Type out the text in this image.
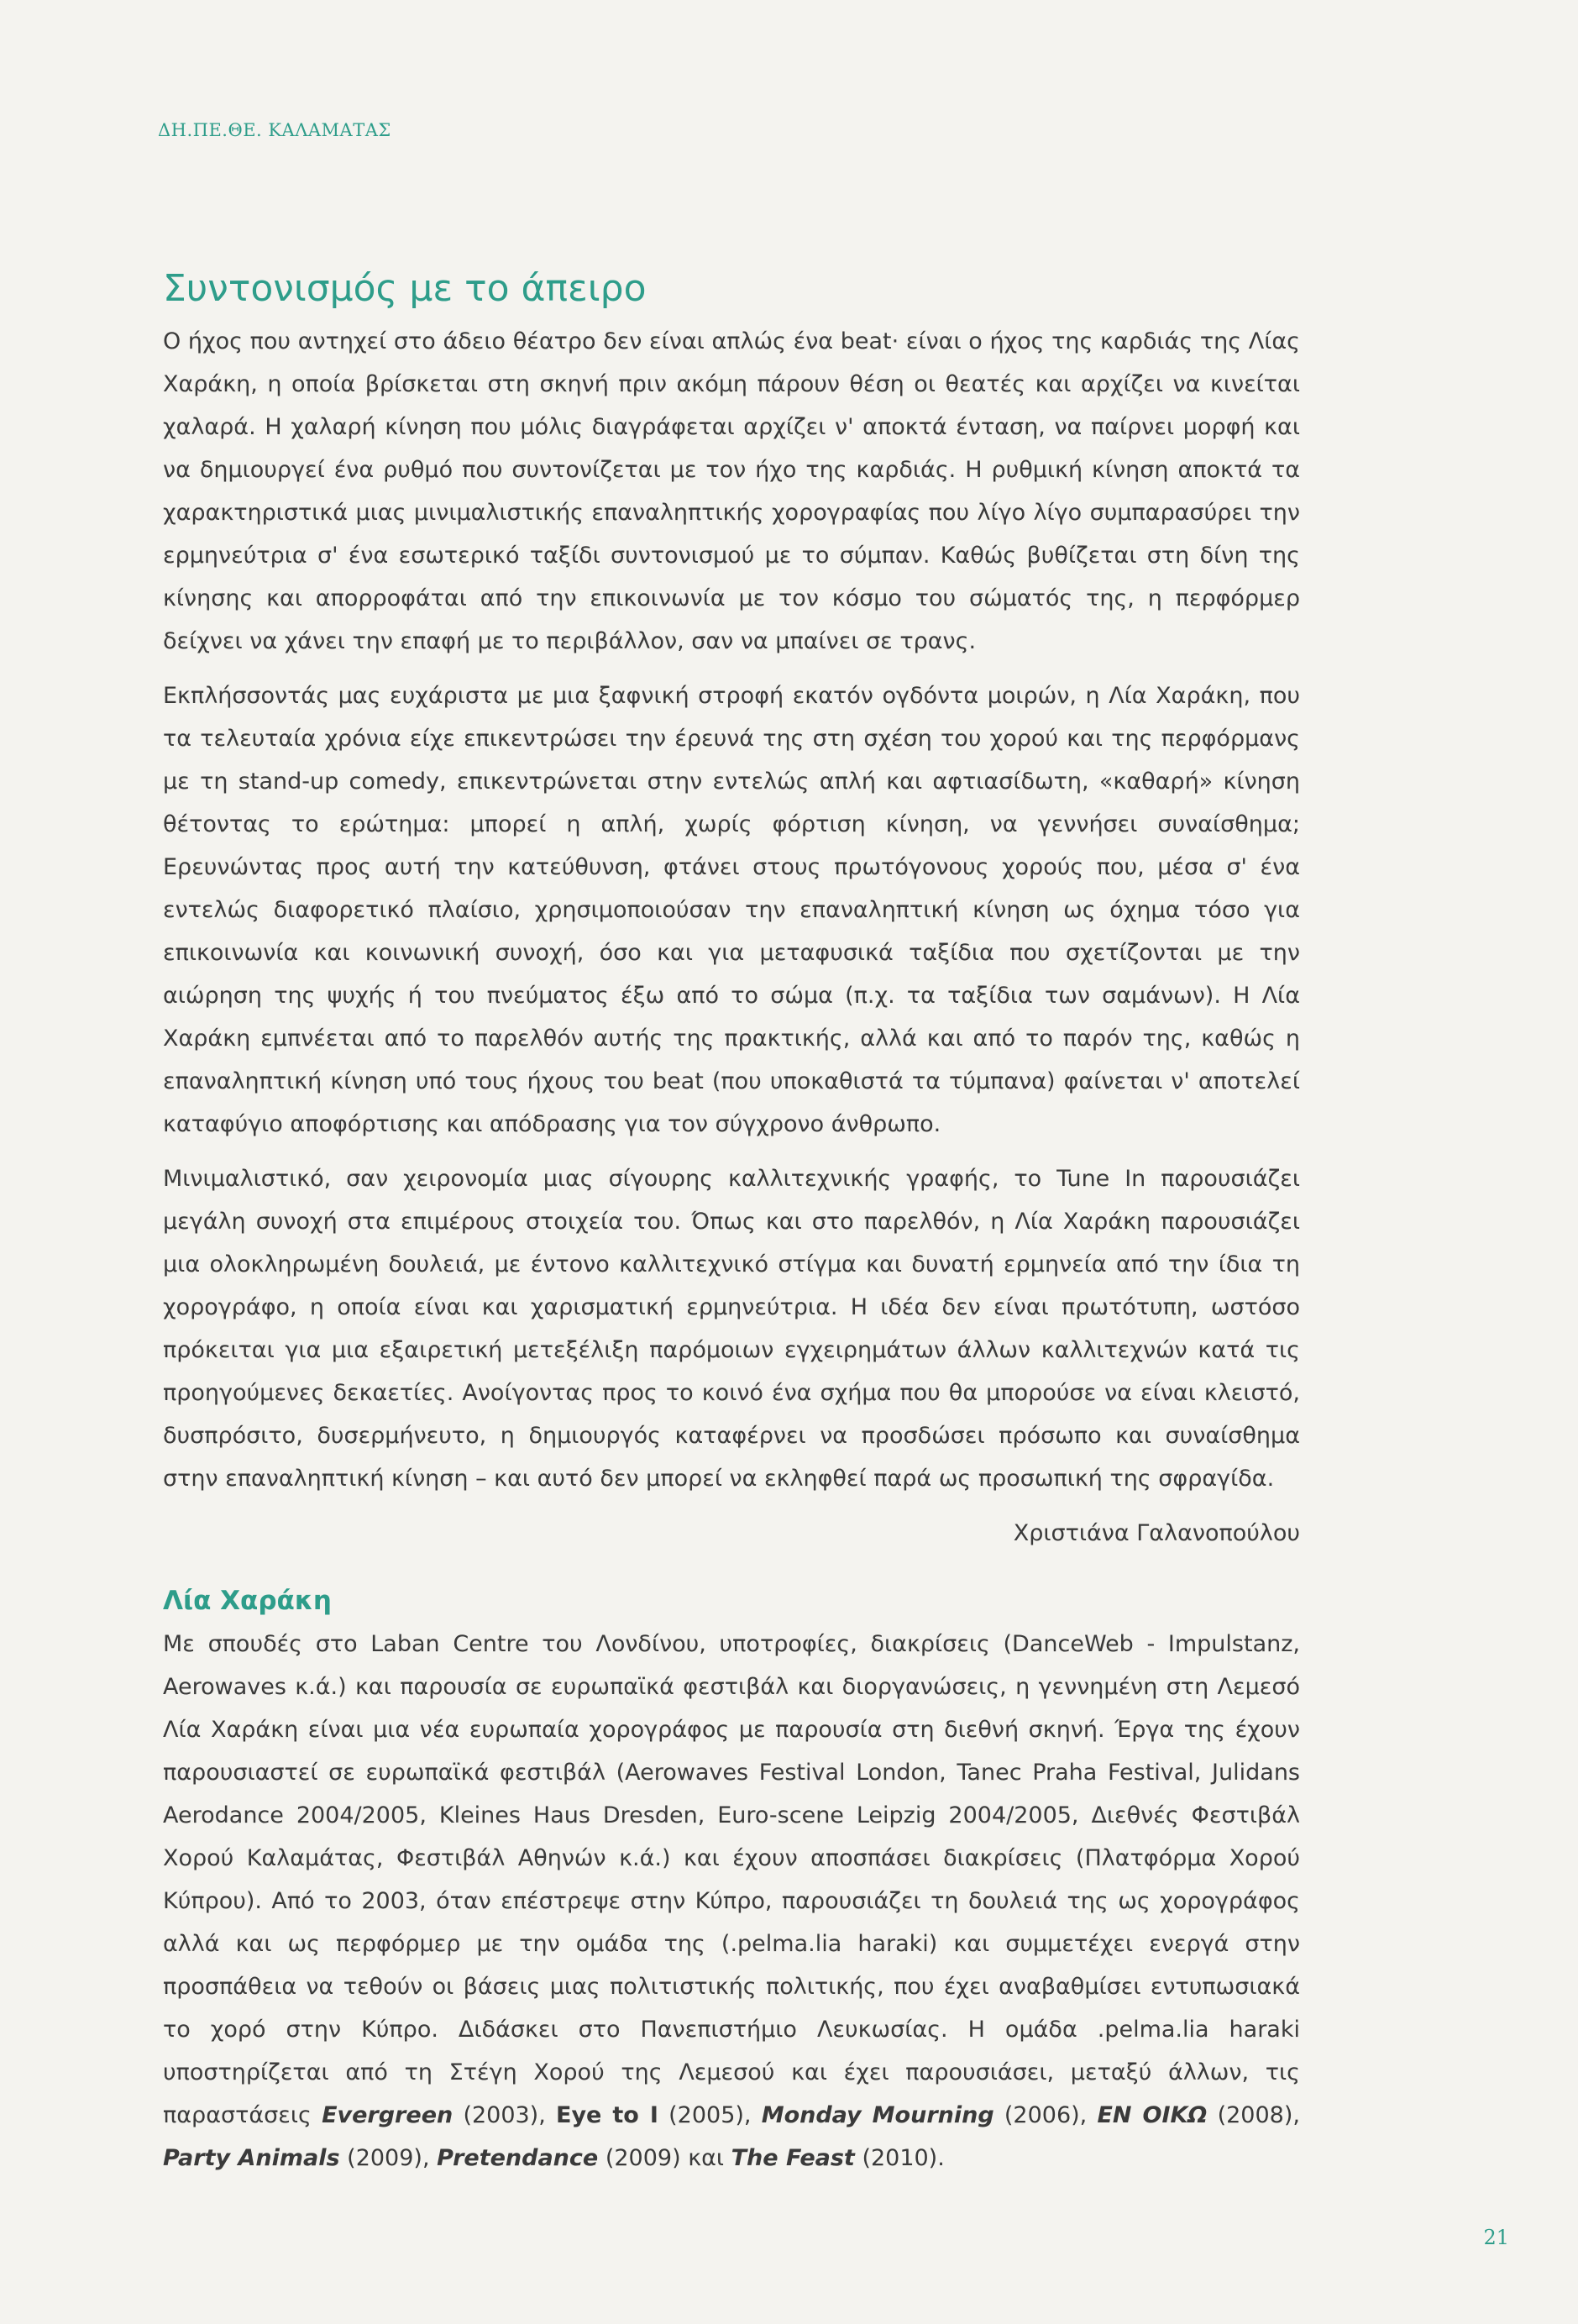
ΔΗ.ΠΕ.ΘΕ. ΚΑΛΑΜΑΤΑΣ
Συντονισμός με το άπειρο

Ο ήχος που αντηχεί στο άδειο θέατρο δεν είναι απλώς ένα beat· είναι ο ήχος της καρδιάς της Λίας Χαράκη, η οποία βρίσκεται στη σκηνή πριν ακόμη πάρουν θέση οι θεατές και αρχίζει να κινείται χαλαρά. Η χαλαρή κίνηση που μόλις διαγράφεται αρχίζει ν' αποκτά ένταση, να παίρνει μορφή και να δημιουργεί ένα ρυθμό που συντονίζεται με τον ήχο της καρδιάς. Η ρυθμική κίνηση αποκτά τα χαρακτηριστικά μιας μινιμαλιστικής επαναληπτικής χορογραφίας που λίγο λίγο συμπαρασύρει την ερμηνεύτρια σ' ένα εσωτερικό ταξίδι συντονισμού με το σύμπαν. Καθώς βυθίζεται στη δίνη της κίνησης και απορροφάται από την επικοινωνία με τον κόσμο του σώματός της, η περφόρμερ δείχνει να χάνει την επαφή με το περιβάλλον, σαν να μπαίνει σε τρανς.

Εκπλήσσοντάς μας ευχάριστα με μια ξαφνική στροφή εκατόν ογδόντα μοιρών, η Λία Χαράκη, που τα τελευταία χρόνια είχε επικεντρώσει την έρευνά της στη σχέση του χορού και της περφόρμανς με τη stand-up comedy, επικεντρώνεται στην εντελώς απλή και αφτιασίδωτη, «καθαρή» κίνηση θέτοντας το ερώτημα: μπορεί η απλή, χωρίς φόρτιση κίνηση, να γεννήσει συναίσθημα; Ερευνώντας προς αυτή την κατεύθυνση, φτάνει στους πρωτόγονους χορούς που, μέσα σ' ένα εντελώς διαφορετικό πλαίσιο, χρησιμοποιούσαν την επαναληπτική κίνηση ως όχημα τόσο για επικοινωνία και κοινωνική συνοχή, όσο και για μεταφυσικά ταξίδια που σχετίζονται με την αιώρηση της ψυχής ή του πνεύματος έξω από το σώμα (π.χ. τα ταξίδια των σαμάνων). Η Λία Χαράκη εμπνέεται από το παρελθόν αυτής της πρακτικής, αλλά και από το παρόν της, καθώς η επαναληπτική κίνηση υπό τους ήχους του beat (που υποκαθιστά τα τύμπανα) φαίνεται ν' αποτελεί καταφύγιο αποφόρτισης και απόδρασης για τον σύγχρονο άνθρωπο.

Μινιμαλιστικό, σαν χειρονομία μιας σίγουρης καλλιτεχνικής γραφής, το Tune In παρουσιάζει μεγάλη συνοχή στα επιμέρους στοιχεία του. Όπως και στο παρελθόν, η Λία Χαράκη παρουσιάζει μια ολοκληρωμένη δουλειά, με έντονο καλλιτεχνικό στίγμα και δυνατή ερμηνεία από την ίδια τη χορογράφο, η οποία είναι και χαρισματική ερμηνεύτρια. Η ιδέα δεν είναι πρωτότυπη, ωστόσο πρόκειται για μια εξαιρετική μετεξέλιξη παρόμοιων εγχειρημάτων άλλων καλλιτεχνών κατά τις προηγούμενες δεκαετίες. Ανοίγοντας προς το κοινό ένα σχήμα που θα μπορούσε να είναι κλειστό, δυσπρόσιτο, δυσερμήνευτο, η δημιουργός καταφέρνει να προσδώσει πρόσωπο και συναίσθημα στην επαναληπτική κίνηση – και αυτό δεν μπορεί να εκληφθεί παρά ως προσωπική της σφραγίδα.

Χριστιάνα Γαλανοπούλου

Λία Χαράκη

Με σπουδές στο Laban Centre του Λονδίνου, υποτροφίες, διακρίσεις (DanceWeb - Impulstanz, Aerowaves κ.ά.) και παρουσία σε ευρωπαϊκά φεστιβάλ και διοργανώσεις, η γεννημένη στη Λεμεσό Λία Χαράκη είναι μια νέα ευρωπαία χορογράφος με παρουσία στη διεθνή σκηνή. Έργα της έχουν παρουσιαστεί σε ευρωπαϊκά φεστιβάλ (Aerowaves Festival London, Tanec Praha Festival, Julidans Aerodance 2004/2005, Kleines Haus Dresden, Euro-scene Leipzig 2004/2005, Διεθνές Φεστιβάλ Χορού Καλαμάτας, Φεστιβάλ Αθηνών κ.ά.) και έχουν αποσπάσει διακρίσεις (Πλατφόρμα Χορού Κύπρου). Από το 2003, όταν επέστρεψε στην Κύπρο, παρουσιάζει τη δουλειά της ως χορογράφος αλλά και ως περφόρμερ με την ομάδα της (.pelma.lia haraki) και συμμετέχει ενεργά στην προσπάθεια να τεθούν οι βάσεις μιας πολιτιστικής πολιτικής, που έχει αναβαθμίσει εντυπωσιακά το χορό στην Κύπρο. Διδάσκει στο Πανεπιστήμιο Λευκωσίας. Η ομάδα .pelma.lia haraki υποστηρίζεται από τη Στέγη Χορού της Λεμεσού και έχει παρουσιάσει, μεταξύ άλλων, τις παραστάσεις Evergreen (2003), Eye to I (2005), Monday Mourning (2006), EN ΟΙΚΩ (2008), Party Animals (2009), Pretendance (2009) και The Feast (2010).

21
